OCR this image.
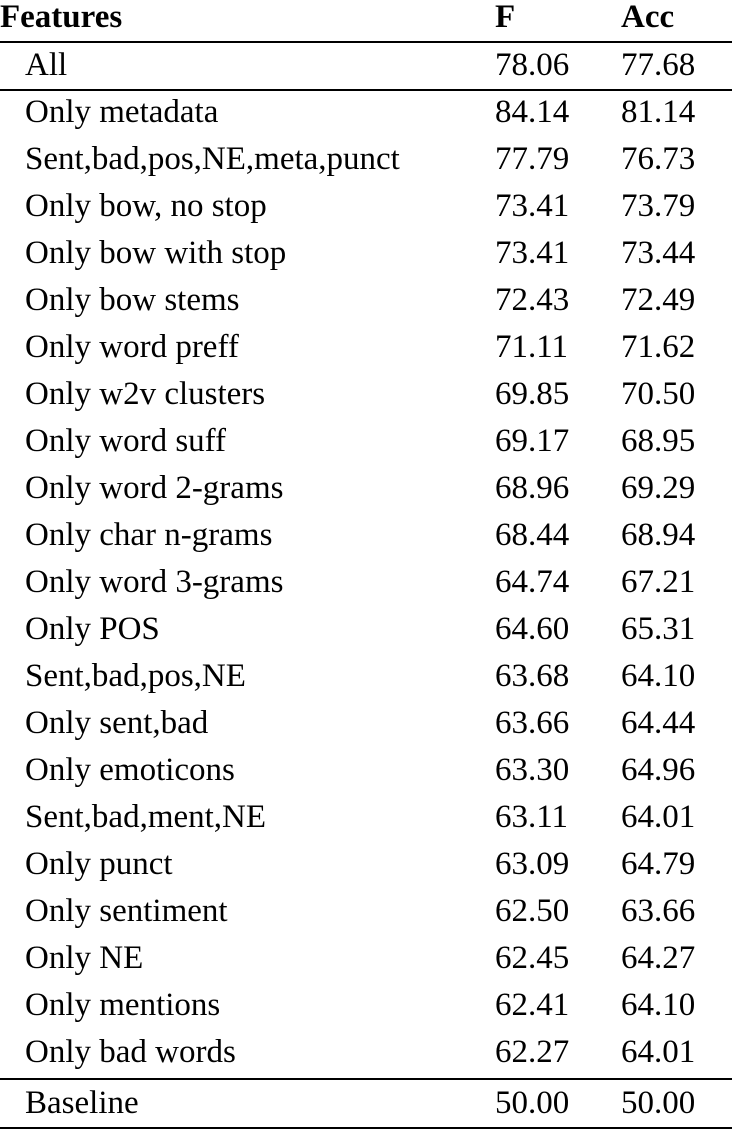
Features	F	Acc
All	78.06 77.68
Only metadata	84.14 81.14
Sent,bad,pos,NE,meta,punct	77.79 76.73
Only bow, no stop	73.41 73.79
Only bow with stop	73.41 73.44
Only bow stems	72.43 72.49
Only word preff	71.11 71.62
Only w2v clusters	69.85 70.50
Only word suff	69.17 68.95
Only word 2-grams	68.96 69.29
Only char n-grams	68.44 68.94
Only word 3-grams	64.74 67.21
Only POS	64.60 65.31
Sent,bad,pos,NE	63.68 64.10
Only sent,bad	63.66 64.44
Only emoticons	63.30 64.96
Sent,bad,ment,NE	63.11 64.01
Only punct	63.09 64.79
Only sentiment	62.50 63.66
Only NE	62.45 64.27
Only mentions	62.41 64.10
Only bad words	62.27 64.01
Baseline	50.00 50.00
